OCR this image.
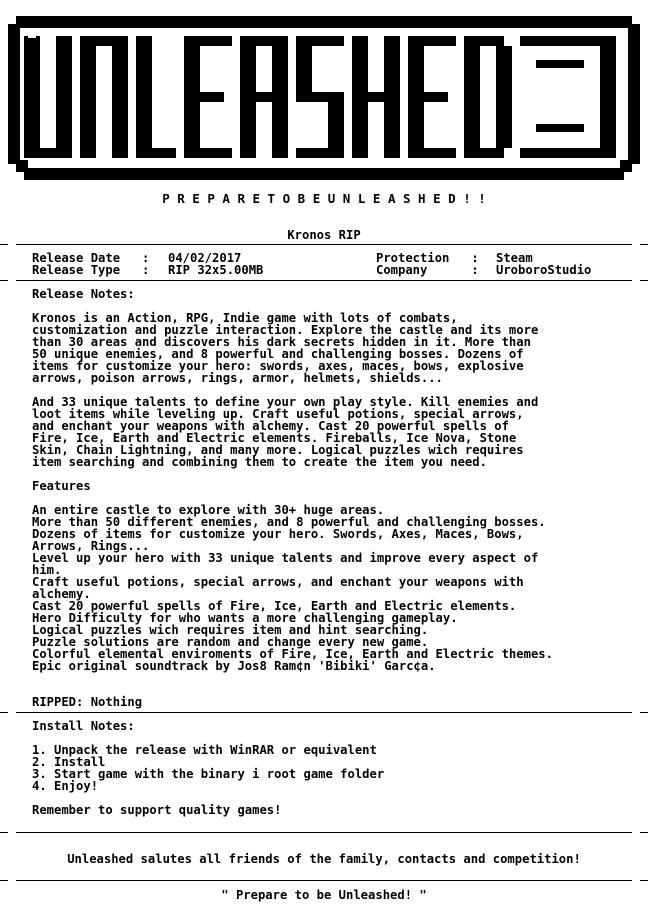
P R E P A R E T O B E U N L E A S H E D ! !
Kronos RIP
Release Date   : 04/02/2017
Release Type   : RIP 32x5.00MB
Protection   : Steam
Company      : UroboroStudio
Release Notes:
Kronos is an Action, RPG, Indie game with lots of combats,
customization and puzzle interaction. Explore the castle and its more
than 30 areas and discovers his dark secrets hidden in it. More than
50 unique enemies, and 8 powerful and challenging bosses. Dozens of
items for customize your hero: swords, axes, maces, bows, explosive
arrows, poison arrows, rings, armor, helmets, shields...
And 33 unique talents to define your own play style. Kill enemies and
loot items while leveling up. Craft useful potions, special arrows,
and enchant your weapons with alchemy. Cast 20 powerful spells of
Fire, Ice, Earth and Electric elements. Fireballs, Ice Nova, Stone
Skin, Chain Lightning, and many more. Logical puzzles wich requires
item searching and combining them to create the item you need.
Features
An entire castle to explore with 30+ huge areas.
More than 50 different enemies, and 8 powerful and challenging bosses.
Dozens of items for customize your hero. Swords, Axes, Maces, Bows,
Arrows, Rings...
Level up your hero with 33 unique talents and improve every aspect of
him.
Craft useful potions, special arrows, and enchant your weapons with
alchemy.
Cast 20 powerful spells of Fire, Ice, Earth and Electric elements.
Hero Difficulty for who wants a more challenging gameplay.
Logical puzzles wich requires item and hint searching.
Puzzle solutions are random and change every new game.
Colorful elemental enviroments of Fire, Ice, Earth and Electric themes.
Epic original soundtrack by Jos8 Ram¢n 'Bibiki' Garc¢a.
RIPPED: Nothing
Install Notes:
1. Unpack the release with WinRAR or equivalent
2. Install
3. Start game with the binary i root game folder
4. Enjoy!
Remember to support quality games!
Unleashed salutes all friends of the family, contacts and competition!
" Prepare to be Unleashed! "
